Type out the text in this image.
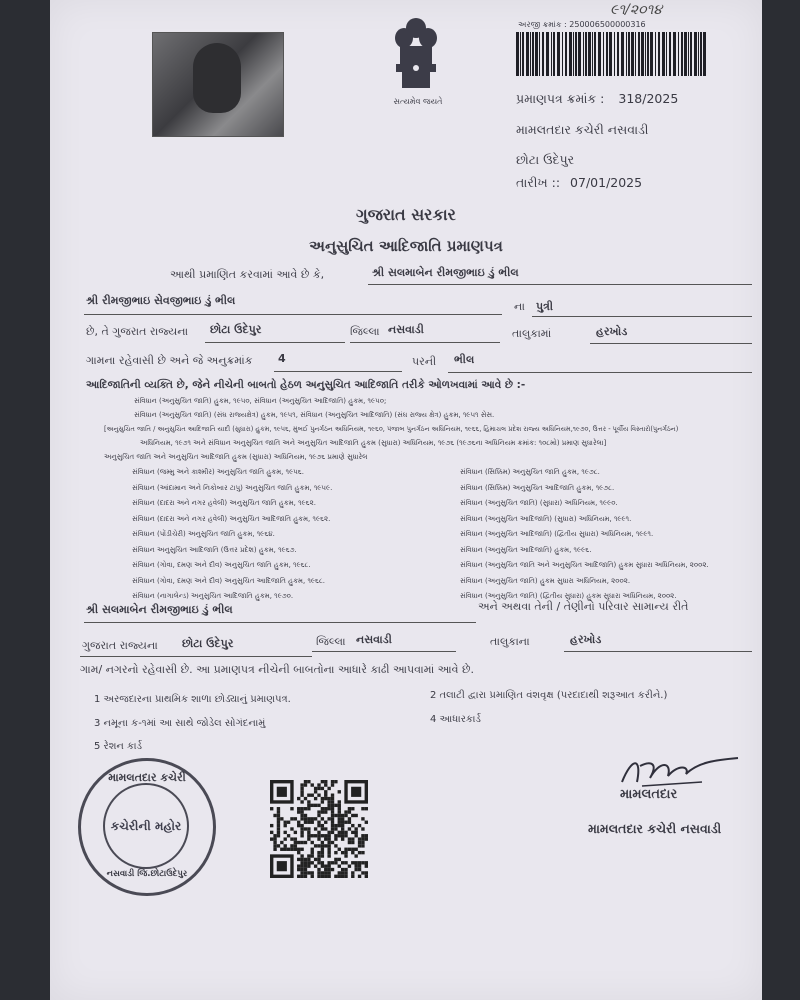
સત્યમેવ જયતે
૯૧/૨૦૧૪
અરજી ક્રમાંક : 250006500000316
પ્રમાણપત્ર ક્રમાંક : 318/2025
મામલતદાર કચેરી નસવાડી
છોટા ઉદેપુર
તારીખ :: 07/01/2025
ગુજરાત સરકાર
અનુસુચિત આદિજાતિ પ્રમાણપત્ર
આથી પ્રમાણિત કરવામાં આવે છે કે,	શ્રી સલમાબેન રીમજીભાઇ ડું ભીલ
શ્રી રીમજીભાઇ સેવજીભાઇ ડું ભીલ	ના પુત્રી
છે, તે ગુજરાત રાજ્યના છોટા ઉદેપુર	જિલ્લા નસવાડી	તાલુકામાં	હરખોડ
ગામના રહેવાસી છે અને જે અનુક્રમાંક 4	પરની ભીલ
આદિજાતિની વ્યક્તિ છે, જેને નીચેની બાબતો હેઠળ અનુસુચિત આદિજાતિ તરીકે ઓળખવામાં આવે છે :-
સંવિધાન (અનુસુચિત જાતિ) હુકમ, ૧૯૫૦, સંવિધાન (અનુસુચિત આદિજાતિ) હુકમ, ૧૯૫૦;
સંવિધાન (અનુસુચિત જાતિ) (સંઘ રાજ્યક્ષેત્ર) હુકમ, ૧૯૫૧, સંવિધાન (અનુસુચિત આદિજાતિ) (સંઘ રાજ્ય ક્ષેત્ર) હુકમ, ૧૯૫૧ સેસ.
[અનુસુચિત જાતિ / અનુસુચિત આદિજાતિ યાદી (સુધારા) હુકમ, ૧૯૫૬, મુંબઈ પુનર્ગઠન અધિનિયમ, ૧૯૬૦, પંજાબ પુનર્ગઠન અધિનિયમ, ૧૯૬૬, હિમાચલ પ્રદેશ રાજ્ય અધિનિયમ,૧૯૭૦, ઉત્તર - પૂર્વીય વિસ્તારો(પુનર્ગઠન)
અધિનિયમ, ૧૯૭૧ અને સંવિધાન અનુસુચિત જાતિ અને અનુસુચિત આદિજાતિ હુકમ (સુધારા) અધિનિયમ, ૧૯૭૬ (૧૯૭૬ના અધિનિયમ ક્રમાંક: ૧૦૮મો) પ્રમાણ સુધારેલા]
અનુસુચિત જાતિ અને અનુસુચિત આદિજાતિ હુકમ (સુધારા) અધિનિયમ, ૧૯૭૬ પ્રમાણે સુધારેલ
સંવિધાન (જમ્મુ અને કાશ્મીર) અનુસુચિત જાતિ હુકમ, ૧૯૫૬.
સંવિધાન (આંદામાન અને નિકોબાર ટાપુ) અનુસુચિત જાતિ હુકમ, ૧૯૫૯.
સંવિધાન (દાદરા અને નગર હવેલી) અનુસુચિત જાતિ હુકમ, ૧૯૬૨.
સંવિધાન (દાદરા અને નગર હવેલી) અનુસુચિત આદિજાતિ હુકમ, ૧૯૬૨.
સંવિધાન (પોંડીચેરી) અનુસુચિત જાતિ હુકમ, ૧૯૬૪.
સંવિધાન અનુસુચિત આદિજાતિ (ઉત્તર પ્રદેશ) હુકમ, ૧૯૬૭.
સંવિધાન (ગોવા, દમણ અને દીવ) અનુસુચિત જાતિ હુકમ, ૧૯૬૮.
સંવિધાન (ગોવા, દમણ અને દીવ) અનુસુચિત આદિજાતિ હુકમ, ૧૯૬૮.
સંવિધાન (નાગાલેન્ડ) અનુસુચિત આદિજાતિ હુકમ, ૧૯૭૦.
સંવિધાન (સિક્કિમ) અનુસુચિત જાતિ હુકમ, ૧૯૭૮.
સંવિધાન (સિક્કિમ) અનુસુચિત આદિજાતિ હુકમ, ૧૯૭૮.
સંવિધાન (અનુસુચિત જાતિ) (સુધારા) અધિનિયમ, ૧૯૯૦.
સંવિધાન (અનુસુચિત આદિજાતિ) (સુધારા) અધિનિયમ, ૧૯૯૧.
સંવિધાન (અનુસુચિત આદિજાતિ) (દ્વિતીય સુધારા) અધિનિયમ, ૧૯૯૧.
સંવિધાન (અનુસુચિત આદિજાતિ) હુકમ, ૧૯૯૬.
સંવિધાન (અનુસુચિત જાતિ અને અનુસુચિત આદિજાતિ) હુકમ સુધારા અધિનિયમ, ૨૦૦૨.
સંવિધાન (અનુસુચિત જાતિ) હુકમ સુધારા અધિનિયમ, ૨૦૦૨.
સંવિધાન (અનુસુચિત જાતિ) (દ્વિતીય સુધારા) હુકમ સુધારા અધિનિયમ, ૨૦૦૨.
શ્રી સલમાબેન રીમજીભાઇ ડું ભીલ	અને અથવા તેની / તેણીનો પરિવાર સામાન્ય રીતે
ગુજરાત રાજ્યના છોટા ઉદેપુર	જિલ્લા નસવાડી	તાલુકાના	હરખોડ
ગામ/ નગરનો રહેવાસી છે. આ પ્રમાણપત્ર નીચેની બાબતોના આધારે કાઢી આપવામાં આવે છે.
1 અરજદારના પ્રાથમિક શાળા છોડ્યાનું પ્રમાણપત્ર.	2 તલાટી દ્વારા પ્રમાણિત વંશવૃક્ષ (પરદાદાથી શરૂઆત કરીને.)
3 નમૂના ક-૧માં આ સાથે જોડેલ સોગંદનામું	4 આધારકાર્ડ
5 રેશન કાર્ડ
મામલતદાર કચેરી
કચેરીની મહોર
નસવાડી જિ.છોટાઉદેપુર
મામલતદાર
મામલતદાર કચેરી નસવાડી
